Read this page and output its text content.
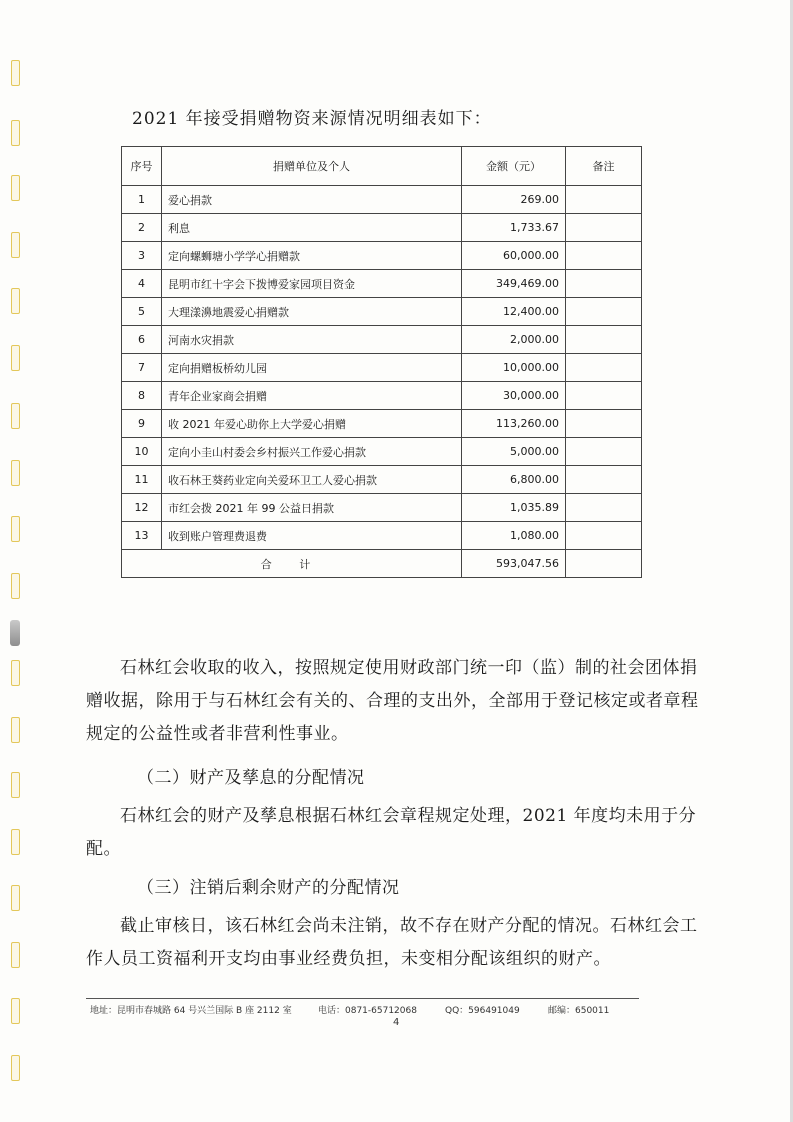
2021 年接受捐赠物资来源情况明细表如下：
序号	捐赠单位及个人	金额（元）	备注
1	爱心捐款	269.00	
2	利息	1,733.67	
3	定向螺蛳塘小学学心捐赠款	60,000.00	
4	昆明市红十字会下拨博爱家园项目资金	349,469.00	
5	大理漾濞地震爱心捐赠款	12,400.00	
6	河南水灾捐款	2,000.00	
7	定向捐赠板桥幼儿园	10,000.00	
8	青年企业家商会捐赠	30,000.00	
9	收 2021 年爱心助你上大学爱心捐赠	113,260.00	
10	定向小圭山村委会乡村振兴工作爱心捐款	5,000.00	
11	收石林王葵药业定向关爱环卫工人爱心捐款	6,800.00	
12	市红会拨 2021 年 99 公益日捐款	1,035.89	
13	收到账户管理费退费	1,080.00	
合 计		593,047.56	

石林红会收取的收入，按照规定使用财政部门统一印（监）制的社会团体捐赠收据，除用于与石林红会有关的、合理的支出外，全部用于登记核定或者章程规定的公益性或者非营利性事业。

（二）财产及孳息的分配情况

石林红会的财产及孳息根据石林红会章程规定处理，2021 年度均未用于分配。

（三）注销后剩余财产的分配情况

截止审核日，该石林红会尚未注销，故不存在财产分配的情况。石林红会工作人员工资福利开支均由事业经费负担，未变相分配该组织的财产。

地址：昆明市春城路 64 号兴兰国际 B 座 2112 室	电话：0871-65712068	QQ：596491049	邮编：650011
4
